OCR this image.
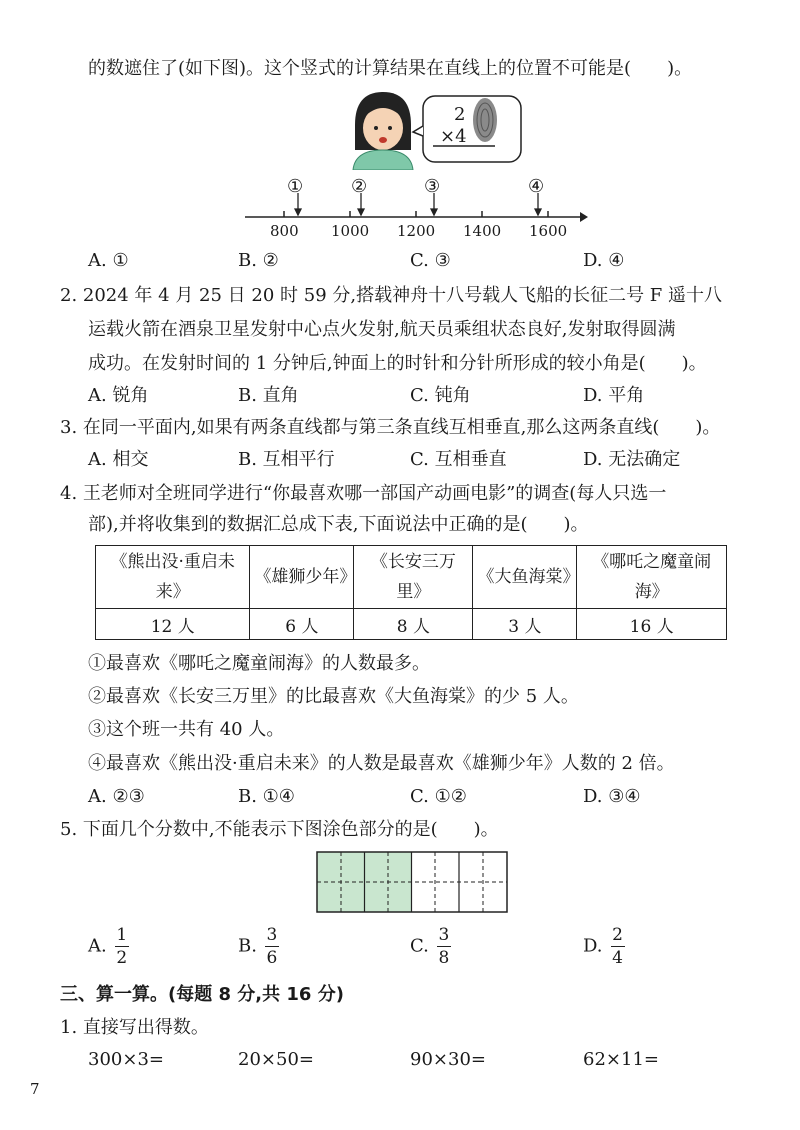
的数遮住了(如下图)。这个竖式的计算结果在直线上的位置不可能是(　　)。
2
×4
①	②	③	④
800 1000 1200 1400 1600
A. ①	B. ②	C. ③	D. ④
2. 2024 年 4 月 25 日 20 时 59 分,搭载神舟十八号载人飞船的长征二号 F 遥十八
运载火箭在酒泉卫星发射中心点火发射,航天员乘组状态良好,发射取得圆满
成功。在发射时间的 1 分钟后,钟面上的时针和分针所形成的较小角是(　　)。
A. 锐角	B. 直角	C. 钝角	D. 平角
3. 在同一平面内,如果有两条直线都与第三条直线互相垂直,那么这两条直线(　　)。
A. 相交	B. 互相平行	C. 互相垂直	D. 无法确定
4. 王老师对全班同学进行“你最喜欢哪一部国产动画电影”的调查(每人只选一
部),并将收集到的数据汇总成下表,下面说法中正确的是(　　)。
《熊出没·重启未来》	《雄狮少年》	《长安三万里》	《大鱼海棠》	《哪吒之魔童闹海》
12 人	6 人	8 人	3 人	16 人
①最喜欢《哪吒之魔童闹海》的人数最多。
②最喜欢《长安三万里》的比最喜欢《大鱼海棠》的少 5 人。
③这个班一共有 40 人。
④最喜欢《熊出没·重启未来》的人数是最喜欢《雄狮少年》人数的 2 倍。
A. ②③	B. ①④	C. ①②	D. ③④
5. 下面几个分数中,不能表示下图涂色部分的是(　　)。
A. $\frac{1}{2}$	B. $\frac{3}{6}$	C. $\frac{3}{8}$	D. $\frac{2}{4}$
三、算一算。(每题 8 分,共 16 分)
1. 直接写出得数。
300×3=	20×50=	90×30=	62×11=
7
